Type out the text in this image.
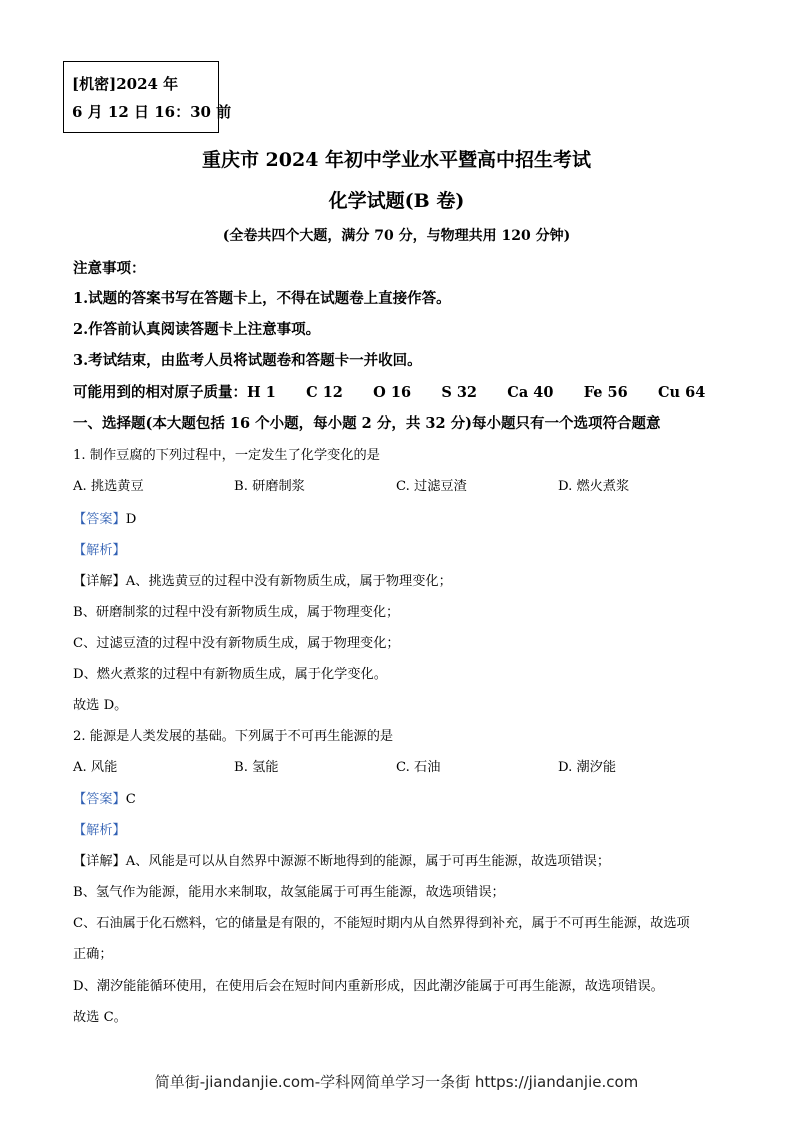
[机密]2024 年
6 月 12 日 16：30 前
重庆市 2024 年初中学业水平暨高中招生考试
化学试题(B 卷)
(全卷共四个大题，满分 70 分，与物理共用 120 分钟)
注意事项：
1.试题的答案书写在答题卡上，不得在试题卷上直接作答。
2.作答前认真阅读答题卡上注意事项。
3.考试结束，由监考人员将试题卷和答题卡一并收回。
可能用到的相对原子质量：H 1      C 12      O 16      S 32      Ca 40      Fe 56      Cu 64
一、选择题(本大题包括 16 个小题，每小题 2 分，共 32 分)每小题只有一个选项符合题意
1. 制作豆腐的下列过程中，一定发生了化学变化的是
A. 挑选黄豆	B. 研磨制浆	C. 过滤豆渣	D. 燃火煮浆
【答案】D
【解析】
【详解】A、挑选黄豆的过程中没有新物质生成，属于物理变化；
B、研磨制浆的过程中没有新物质生成，属于物理变化；
C、过滤豆渣的过程中没有新物质生成，属于物理变化；
D、燃火煮浆的过程中有新物质生成，属于化学变化。
故选 D。
2. 能源是人类发展的基础。下列属于不可再生能源的是
A. 风能	B. 氢能	C. 石油	D. 潮汐能
【答案】C
【解析】
【详解】A、风能是可以从自然界中源源不断地得到的能源，属于可再生能源，故选项错误；
B、氢气作为能源，能用水来制取，故氢能属于可再生能源，故选项错误；
C、石油属于化石燃料，它的储量是有限的，不能短时期内从自然界得到补充，属于不可再生能源，故选项
正确；
D、潮汐能能循环使用，在使用后会在短时间内重新形成，因此潮汐能属于可再生能源，故选项错误。
故选 C。
简单街-jiandanjie.com-学科网简单学习一条街 https://jiandanjie.com
